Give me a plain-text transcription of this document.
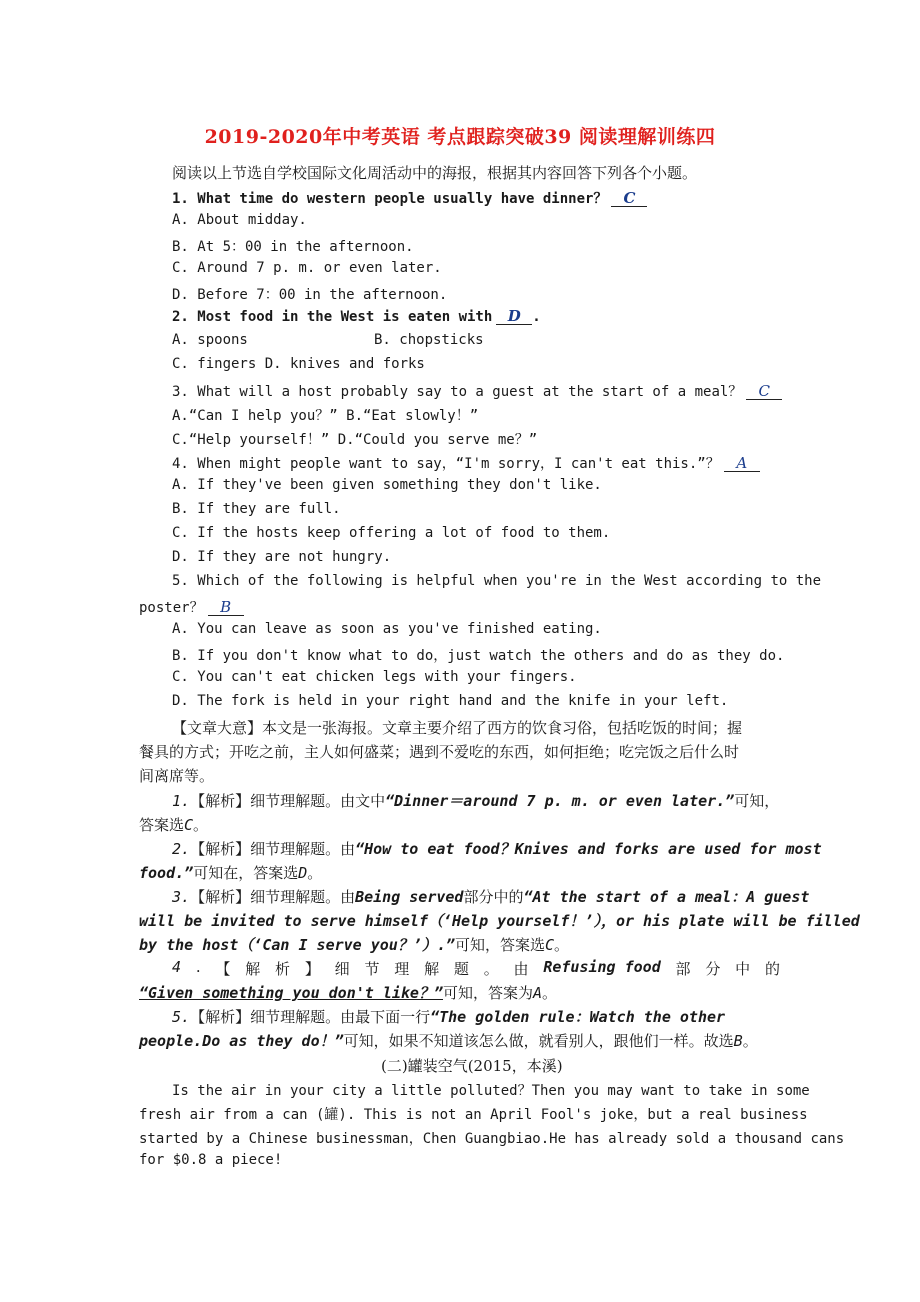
2019-2020年中考英语 考点跟踪突破39 阅读理解训练四
阅读以上节选自学校国际文化周活动中的海报，根据其内容回答下列各个小题。
1. What time do western people usually have dinner？ C
A. About midday.
B. At 5：00 in the afternoon.
C. Around 7 p. m. or even later.
D. Before 7：00 in the afternoon.
2. Most food in the West is eaten with D .
A. spoons	B. chopsticks
C. fingers D. knives and forks
3. What will a host probably say to a guest at the start of a meal？ C
A.“Can I help you？” B.“Eat slowly！”
C.“Help yourself！” D.“Could you serve me？”
4. When might people want to say，“I'm sorry，I can't eat this.”？ A
A. If they've been given something they don't like.
B. If they are full.
C. If the hosts keep offering a lot of food to them.
D. If they are not hungry.
5. Which of the following is helpful when you're in the West according to the
poster？ B
A. You can leave as soon as you've finished eating.
B. If you don't know what to do，just watch the others and do as they do.
C. You can't eat chicken legs with your fingers.
D. The fork is held in your right hand and the knife in your left.
【文章大意】本文是一张海报。文章主要介绍了西方的饮食习俗，包括吃饭的时间；握
餐具的方式；开吃之前，主人如何盛菜；遇到不爱吃的东西，如何拒绝；吃完饭之后什么时
间离席等。
1.【解析】细节理解题。由文中“Dinner＝around 7 p. m. or even later.”可知，
答案选C。
2.【解析】细节理解题。由“How to eat food？Knives and forks are used for most
food.”可知在，答案选D。
3.【解析】细节理解题。由Being served部分中的“At the start of a meal：A guest
will be invited to serve himself（‘Help yourself！’），or his plate will be filled
by the host（‘Can I serve you？’）.”可知，答案选C。
4 . 【 解 析 】 细 节 理 解 题 。 由 Refusing food 部 分 中 的
“Given something you don't like？”可知，答案为A。
5.【解析】细节理解题。由最下面一行“The golden rule：Watch the other
people.Do as they do！”可知，如果不知道该怎么做，就看别人，跟他们一样。故选B。
(二)罐装空气(2015，本溪)
Is the air in your city a little polluted？Then you may want to take in some
fresh air from a can (罐). This is not an April Fool's joke，but a real business
started by a Chinese businessman，Chen Guangbiao.He has already sold a thousand cans
for $0.8 a piece!
